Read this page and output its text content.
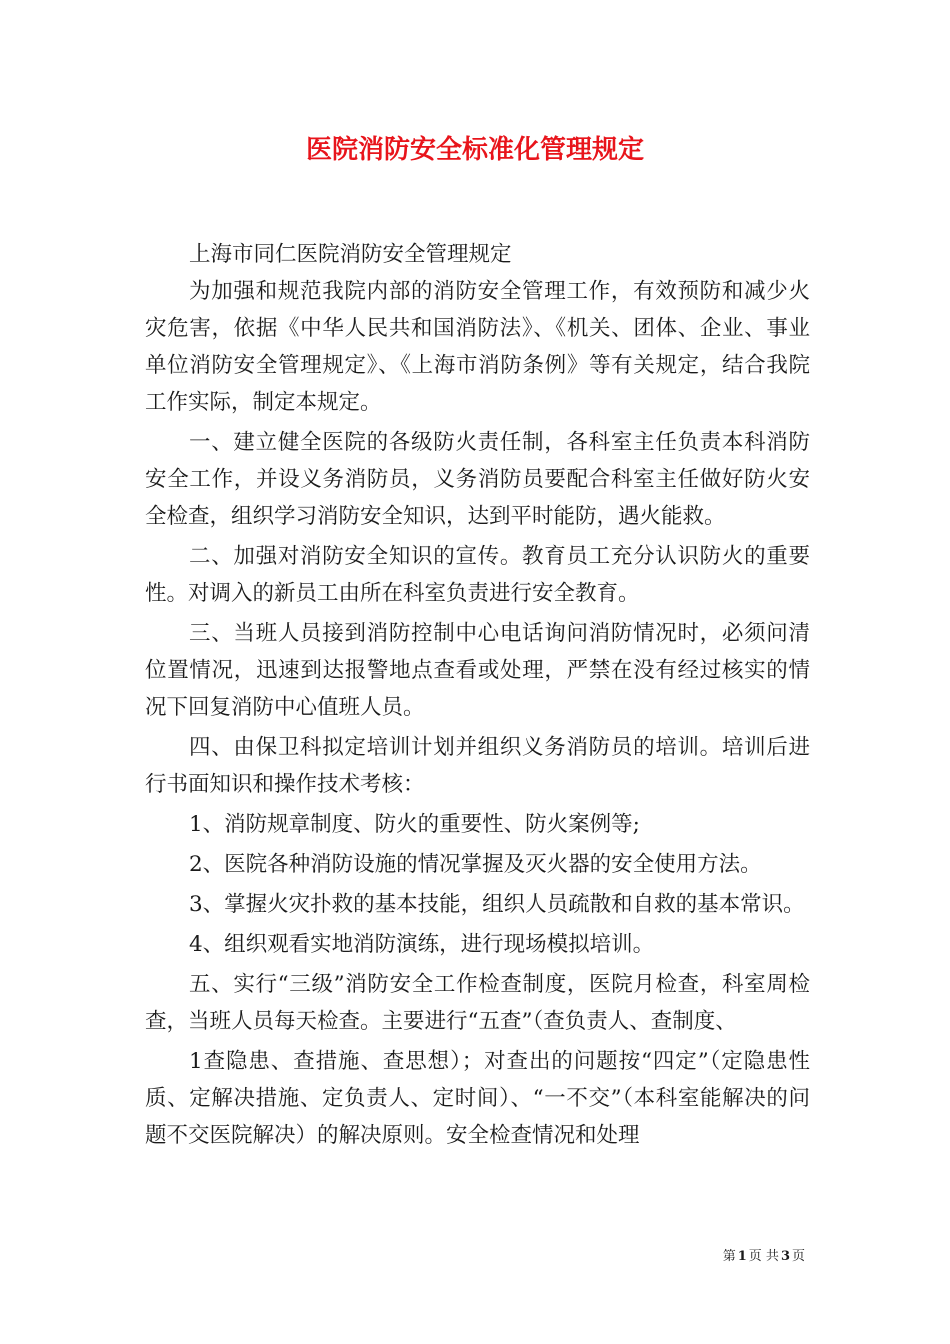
医院消防安全标准化管理规定

上海市同仁医院消防安全管理规定

为加强和规范我院内部的消防安全管理工作，有效预防和减少火灾危害，依据《中华人民共和国消防法》、《机关、团体、企业、事业单位消防安全管理规定》、《上海市消防条例》等有关规定，结合我院工作实际，制定本规定。

一、建立健全医院的各级防火责任制，各科室主任负责本科消防安全工作，并设义务消防员，义务消防员要配合科室主任做好防火安全检查，组织学习消防安全知识，达到平时能防，遇火能救。

二、加强对消防安全知识的宣传。教育员工充分认识防火的重要性。对调入的新员工由所在科室负责进行安全教育。

三、当班人员接到消防控制中心电话询问消防情况时，必须问清位置情况，迅速到达报警地点查看或处理，严禁在没有经过核实的情况下回复消防中心值班人员。

四、由保卫科拟定培训计划并组织义务消防员的培训。培训后进行书面知识和操作技术考核：

1、消防规章制度、防火的重要性、防火案例等;

2、医院各种消防设施的情况掌握及灭火器的安全使用方法。

3、掌握火灾扑救的基本技能，组织人员疏散和自救的基本常识。

4、组织观看实地消防演练，进行现场模拟培训。

五、实行“三级”消防安全工作检查制度，医院月检查，科室周检查，当班人员每天检查。主要进行“五查”（查负责人、查制度、

1查隐患、查措施、查思想）；对查出的问题按“四定”（定隐患性质、定解决措施、定负责人、定时间）、“一不交”（本科室能解决的问题不交医院解决）的解决原则。安全检查情况和处理

第 1 页 共 3 页
